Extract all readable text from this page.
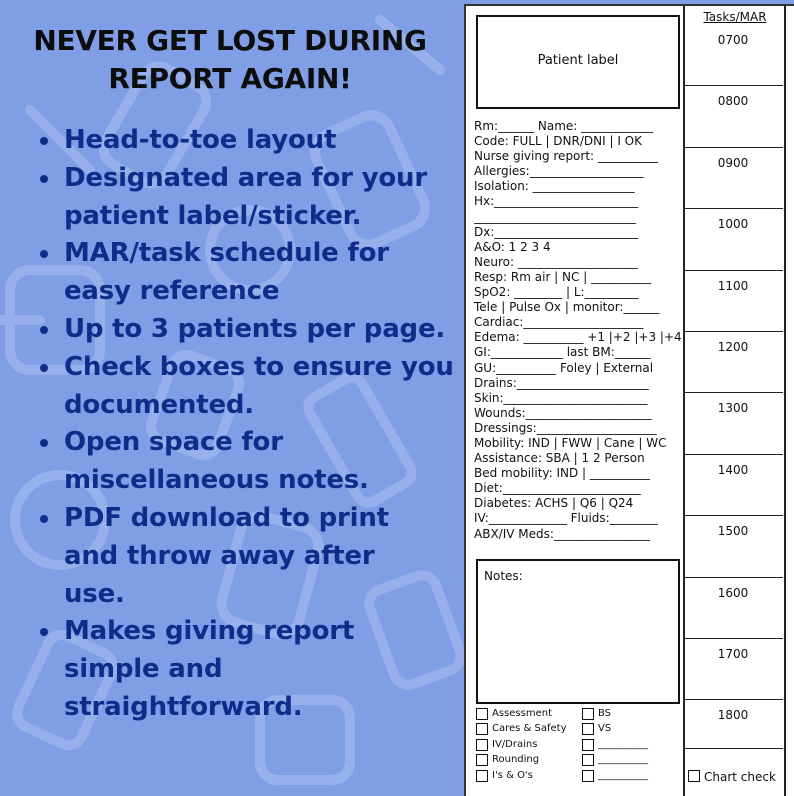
NEVER GET LOST DURING
REPORT AGAIN!
Head-to-toe layout
Designated area for your
patient label/sticker.
MAR/task schedule for
easy reference
Up to 3 patients per page.
Check boxes to ensure you
documented.
Open space for
miscellaneous notes.
PDF download to print
and throw away after
use.
Makes giving report
simple and
straightforward.
Patient label
Rm:______ Name: ____________
Code: FULL | DNR/DNI | I OK
Nurse giving report: __________
Allergies:___________________
Isolation: _________________
Hx:________________________
___________________________
Dx:________________________
A&O: 1 2 3 4
Neuro: ____________________
Resp: Rm air | NC | __________
SpO2: ________ | L:_________
Tele | Pulse Ox | monitor:______
Cardiac:____________________
Edema: __________ +1 |+2 |+3 |+4
GI:____________ last BM:______
GU:__________ Foley | External
Drains:______________________
Skin:________________________
Wounds:_____________________
Dressings:____________________
Mobility: IND | FWW | Cane | WC
Assistance: SBA | 1 2 Person
Bed mobility: IND | __________
Diet:_______________________
Diabetes: ACHS | Q6 | Q24
IV:_____________ Fluids:________
ABX/IV Meds:________________
Notes:
Assessment
Cares & Safety
IV/Drains
Rounding
I's & O's
BS
VS
__________
__________
__________
Tasks/MAR
0700
0800
0900
1000
1100
1200
1300
1400
1500
1600
1700
1800
Chart check
